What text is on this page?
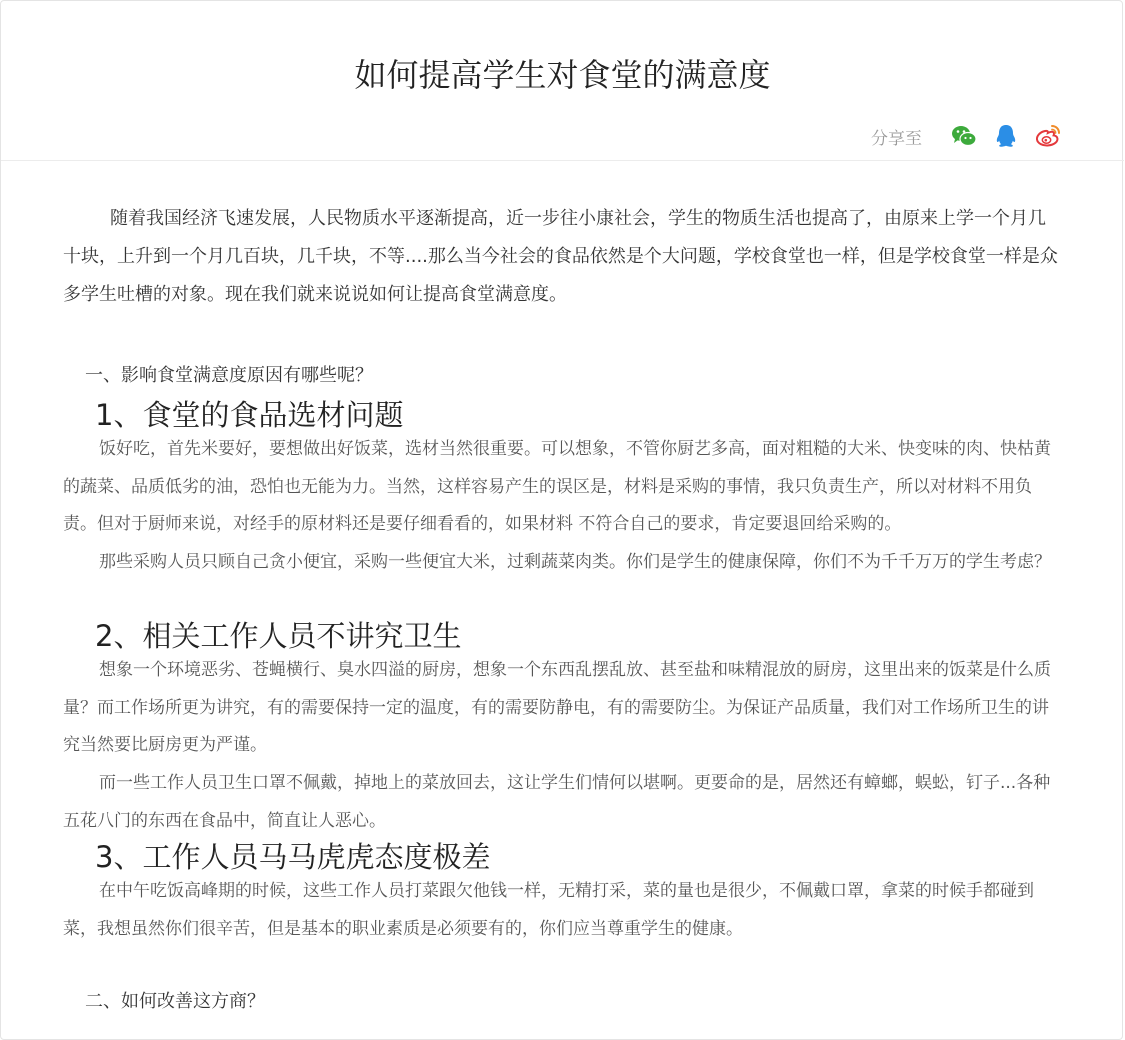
如何提高学生对食堂的满意度
分享至

随着我国经济飞速发展，人民物质水平逐渐提高，近一步往小康社会，学生的物质生活也提高了，由原来上学一个月几十块，上升到一个月几百块，几千块，不等....那么当今社会的食品依然是个大问题，学校食堂也一样，但是学校食堂一样是众多学生吐槽的对象。现在我们就来说说如何让提高食堂满意度。

一、影响食堂满意度原因有哪些呢？

1、食堂的食品选材问题

饭好吃，首先米要好，要想做出好饭菜，选材当然很重要。可以想象，不管你厨艺多高，面对粗糙的大米、快变味的肉、快枯黄的蔬菜、品质低劣的油，恐怕也无能为力。当然，这样容易产生的误区是，材料是采购的事情，我只负责生产，所以对材料不用负责。但对于厨师来说，对经手的原材料还是要仔细看看的，如果材料 不符合自己的要求，肯定要退回给采购的。

那些采购人员只顾自己贪小便宜，采购一些便宜大米，过剩蔬菜肉类。你们是学生的健康保障，你们不为千千万万的学生考虑？

2、相关工作人员不讲究卫生

想象一个环境恶劣、苍蝇横行、臭水四溢的厨房，想象一个东西乱摆乱放、甚至盐和味精混放的厨房，这里出来的饭菜是什么质量？而工作场所更为讲究，有的需要保持一定的温度，有的需要防静电，有的需要防尘。为保证产品质量，我们对工作场所卫生的讲究当然要比厨房更为严谨。

而一些工作人员卫生口罩不佩戴，掉地上的菜放回去，这让学生们情何以堪啊。更要命的是，居然还有蟑螂，蜈蚣，钉子...各种五花八门的东西在食品中，简直让人恶心。

3、工作人员马马虎虎态度极差

在中午吃饭高峰期的时候，这些工作人员打菜跟欠他钱一样，无精打采，菜的量也是很少，不佩戴口罩，拿菜的时候手都碰到菜，我想虽然你们很辛苦，但是基本的职业素质是必须要有的，你们应当尊重学生的健康。

二、如何改善这方商？
